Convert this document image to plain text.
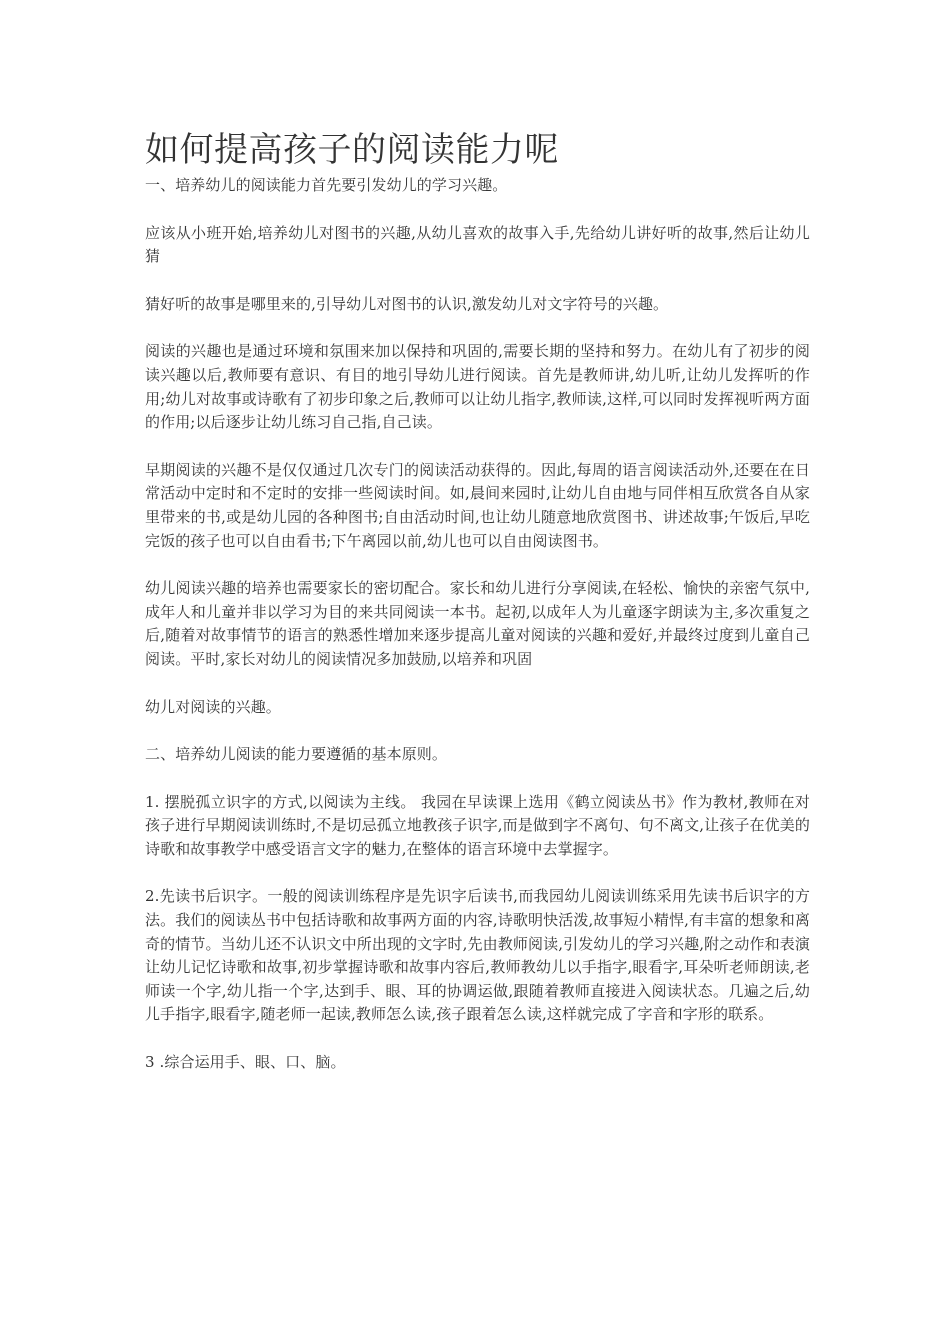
如何提高孩子的阅读能力呢

一、培养幼儿的阅读能力首先要引发幼儿的学习兴趣。

应该从小班开始,培养幼儿对图书的兴趣,从幼儿喜欢的故事入手,先给幼儿讲好听的故事,然后让幼儿猜

猜好听的故事是哪里来的,引导幼儿对图书的认识,激发幼儿对文字符号的兴趣。

阅读的兴趣也是通过环境和氛围来加以保持和巩固的,需要长期的坚持和努力。在幼儿有了初步的阅读兴趣以后,教师要有意识、有目的地引导幼儿进行阅读。首先是教师讲,幼儿听,让幼儿发挥听的作用;幼儿对故事或诗歌有了初步印象之后,教师可以让幼儿指字,教师读,这样,可以同时发挥视听两方面的作用;以后逐步让幼儿练习自己指,自己读。

早期阅读的兴趣不是仅仅通过几次专门的阅读活动获得的。因此,每周的语言阅读活动外,还要在在日常活动中定时和不定时的安排一些阅读时间。如,晨间来园时,让幼儿自由地与同伴相互欣赏各自从家里带来的书,或是幼儿园的各种图书;自由活动时间,也让幼儿随意地欣赏图书、讲述故事;午饭后,早吃完饭的孩子也可以自由看书;下午离园以前,幼儿也可以自由阅读图书。

幼儿阅读兴趣的培养也需要家长的密切配合。家长和幼儿进行分享阅读,在轻松、愉快的亲密气氛中,成年人和儿童并非以学习为目的来共同阅读一本书。起初,以成年人为儿童逐字朗读为主,多次重复之后,随着对故事情节的语言的熟悉性增加来逐步提高儿童对阅读的兴趣和爱好,并最终过度到儿童自己阅读。平时,家长对幼儿的阅读情况多加鼓励,以培养和巩固

幼儿对阅读的兴趣。

二、培养幼儿阅读的能力要遵循的基本原则。

1. 摆脱孤立识字的方式,以阅读为主线。 我园在早读课上选用《鹤立阅读丛书》作为教材,教师在对孩子进行早期阅读训练时,不是切忌孤立地教孩子识字,而是做到字不离句、句不离文,让孩子在优美的诗歌和故事教学中感受语言文字的魅力,在整体的语言环境中去掌握字。

2.先读书后识字。一般的阅读训练程序是先识字后读书,而我园幼儿阅读训练采用先读书后识字的方法。我们的阅读丛书中包括诗歌和故事两方面的内容,诗歌明快活泼,故事短小精悍,有丰富的想象和离奇的情节。当幼儿还不认识文中所出现的文字时,先由教师阅读,引发幼儿的学习兴趣,附之动作和表演让幼儿记忆诗歌和故事,初步掌握诗歌和故事内容后,教师教幼儿以手指字,眼看字,耳朵听老师朗读,老师读一个字,幼儿指一个字,达到手、眼、耳的协调运做,跟随着教师直接进入阅读状态。几遍之后,幼儿手指字,眼看字,随老师一起读,教师怎么读,孩子跟着怎么读,这样就完成了字音和字形的联系。

3 .综合运用手、眼、口、脑。
